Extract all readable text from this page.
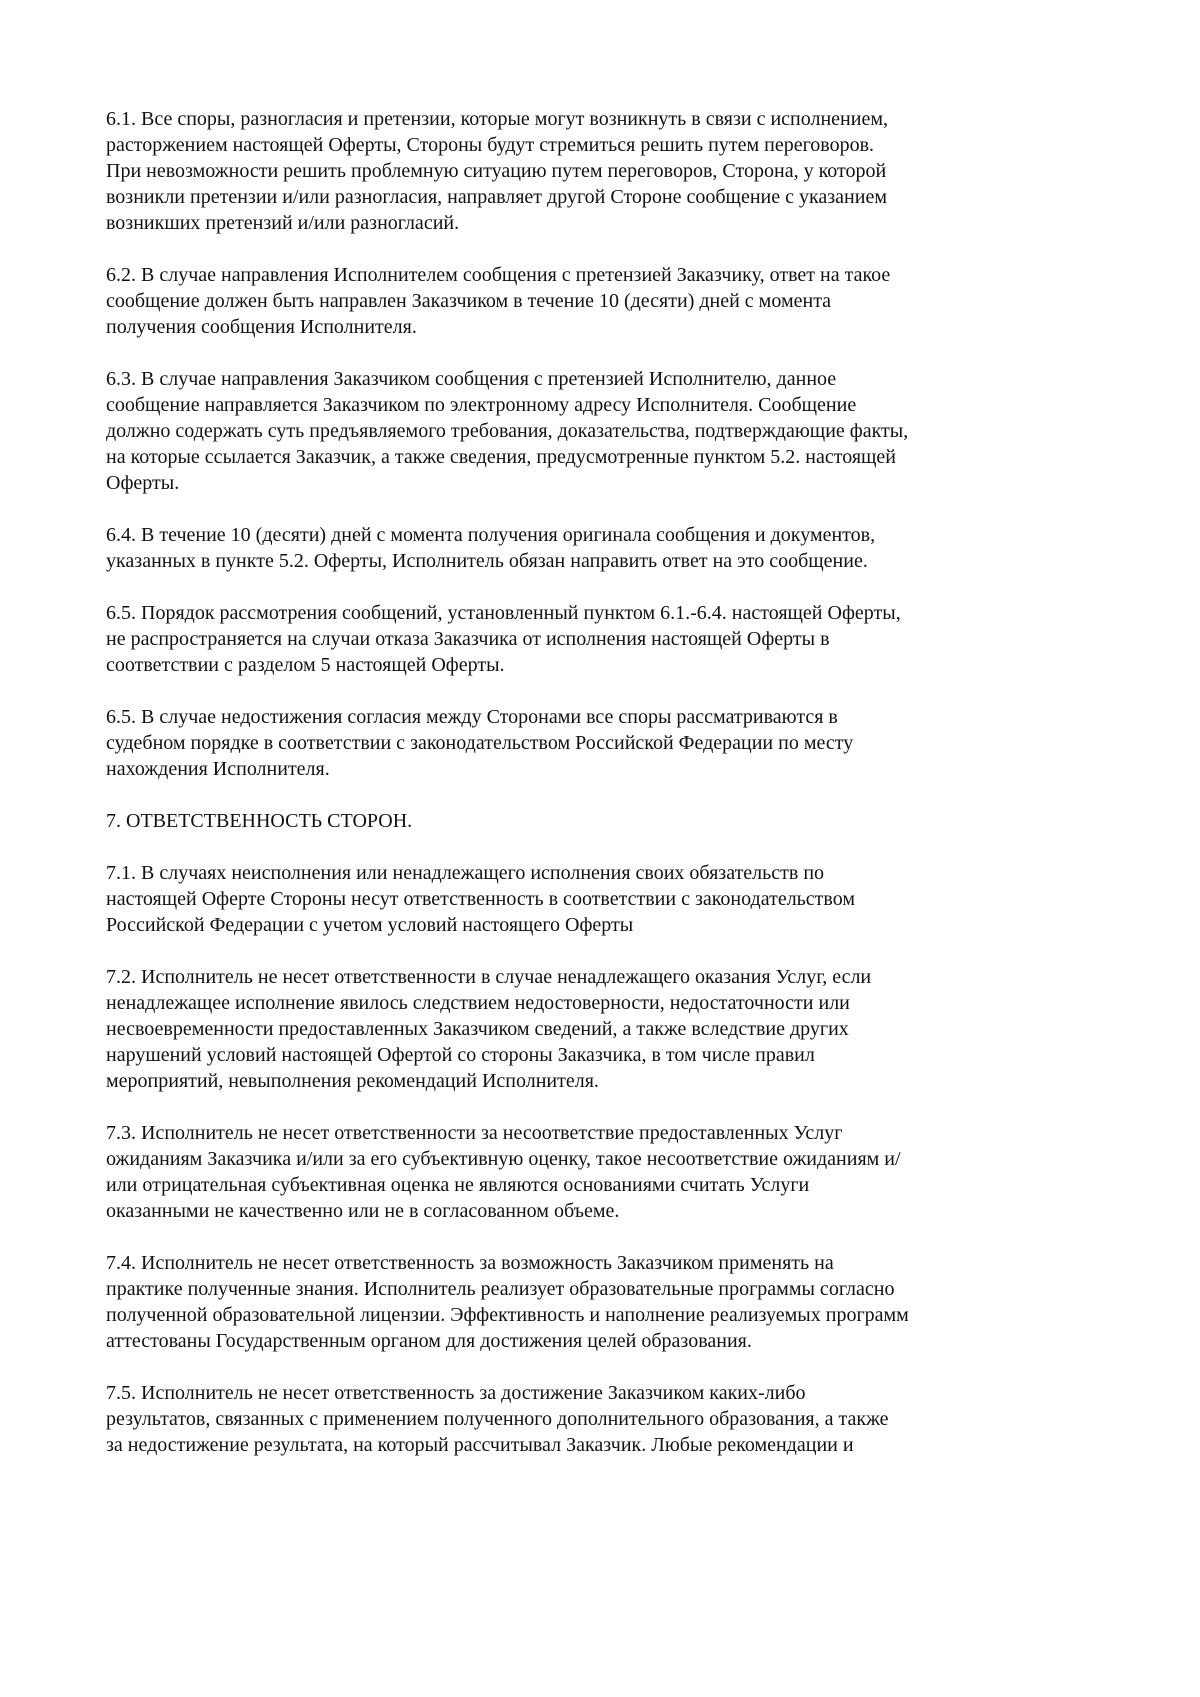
6.1. Все споры, разногласия и претензии, которые могут возникнуть в связи с исполнением,
расторжением настоящей Оферты, Стороны будут стремиться решить путем переговоров.
При невозможности решить проблемную ситуацию путем переговоров, Сторона, у которой
возникли претензии и/или разногласия, направляет другой Стороне сообщение с указанием
возникших претензий и/или разногласий.

6.2. В случае направления Исполнителем сообщения с претензией Заказчику, ответ на такое
сообщение должен быть направлен Заказчиком в течение 10 (десяти) дней с момента
получения сообщения Исполнителя.

6.3. В случае направления Заказчиком сообщения с претензией Исполнителю, данное
сообщение направляется Заказчиком по электронному адресу Исполнителя. Сообщение
должно содержать суть предъявляемого требования, доказательства, подтверждающие факты,
на которые ссылается Заказчик, а также сведения, предусмотренные пунктом 5.2. настоящей
Оферты.

6.4. В течение 10 (десяти) дней с момента получения оригинала сообщения и документов,
указанных в пункте 5.2. Оферты, Исполнитель обязан направить ответ на это сообщение.

6.5. Порядок рассмотрения сообщений, установленный пунктом 6.1.-6.4. настоящей Оферты,
не распространяется на случаи отказа Заказчика от исполнения настоящей Оферты в
соответствии с разделом 5 настоящей Оферты.

6.5. В случае недостижения согласия между Сторонами все споры рассматриваются в
судебном порядке в соответствии с законодательством Российской Федерации по месту
нахождения Исполнителя.

7. ОТВЕТСТВЕННОСТЬ СТОРОН.

7.1. В случаях неисполнения или ненадлежащего исполнения своих обязательств по
настоящей Оферте Стороны несут ответственность в соответствии с законодательством
Российской Федерации с учетом условий настоящего Оферты

7.2. Исполнитель не несет ответственности в случае ненадлежащего оказания Услуг, если
ненадлежащее исполнение явилось следствием недостоверности, недостаточности или
несвоевременности предоставленных Заказчиком сведений, а также вследствие других
нарушений условий настоящей Офертой со стороны Заказчика, в том числе правил
мероприятий, невыполнения рекомендаций Исполнителя.

7.3. Исполнитель не несет ответственности за несоответствие предоставленных Услуг
ожиданиям Заказчика и/или за его субъективную оценку, такое несоответствие ожиданиям и/
или отрицательная субъективная оценка не являются основаниями считать Услуги
оказанными не качественно или не в согласованном объеме.

7.4. Исполнитель не несет ответственность за возможность Заказчиком применять на
практике полученные знания. Исполнитель реализует образовательные программы согласно
полученной образовательной лицензии. Эффективность и наполнение реализуемых программ
аттестованы Государственным органом для достижения целей образования.

7.5. Исполнитель не несет ответственность за достижение Заказчиком каких-либо
результатов, связанных с применением полученного дополнительного образования, а также
за недостижение результата, на который рассчитывал Заказчик. Любые рекомендации и
